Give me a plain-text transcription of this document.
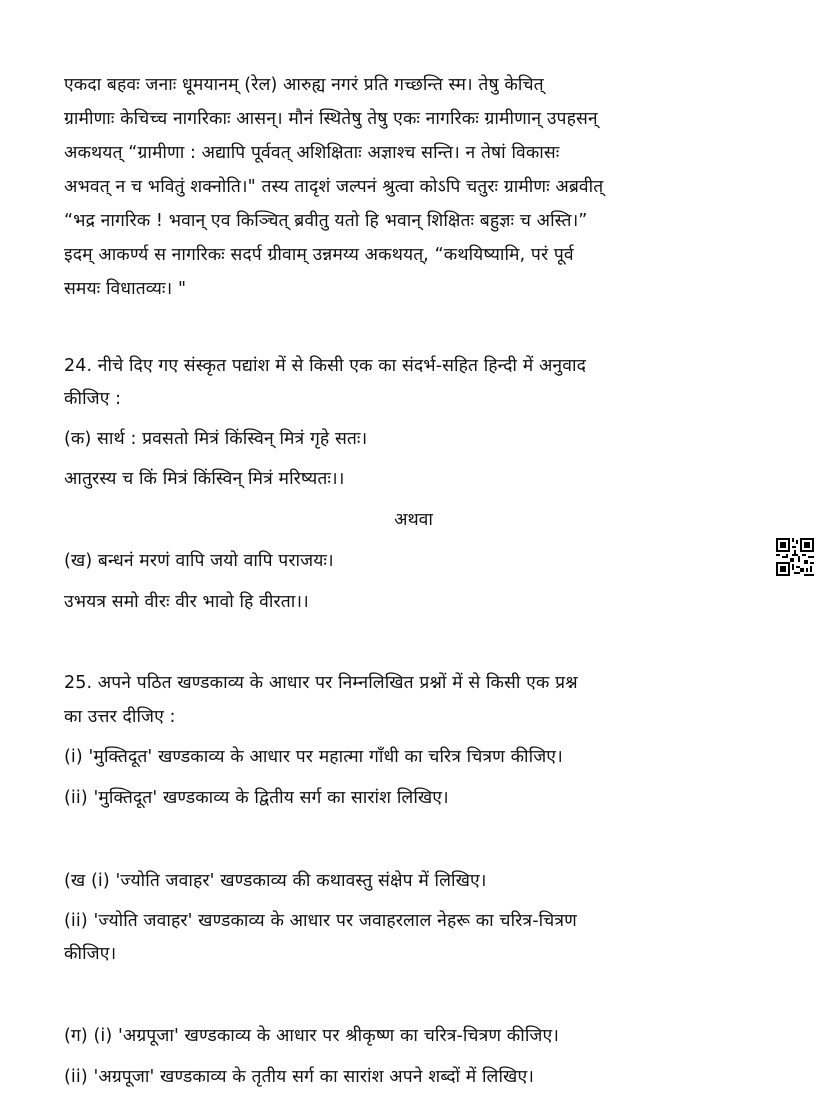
एकदा बहवः जनाः धूमयानम् (रेल) आरुह्य नगरं प्रति गच्छन्ति स्म। तेषु केचित्
ग्रामीणाः केचिच्च नागरिकाः आसन्। मौनं स्थितेषु तेषु एकः नागरिकः ग्रामीणान् उपहसन्
अकथयत् “ग्रामीणा : अद्यापि पूर्ववत् अशिक्षिताः अज्ञाश्च सन्ति। न तेषां विकासः
अभवत् न च भवितुं शक्नोति।" तस्य तादृशं जल्पनं श्रुत्वा कोऽपि चतुरः ग्रामीणः अब्रवीत्
“भद्र नागरिक ! भवान् एव किञ्चित् ब्रवीतु यतो हि भवान् शिक्षितः बहुज्ञः च अस्ति।”
इदम् आकर्ण्य स नागरिकः सदर्प ग्रीवाम् उन्नमय्य अकथयत्, “कथयिष्यामि, परं पूर्व
समयः विधातव्यः। "
24. नीचे दिए गए संस्कृत पद्यांश में से किसी एक का संदर्भ-सहित हिन्दी में अनुवाद
कीजिए :
(क) सार्थ : प्रवसतो मित्रं किंस्विन् मित्रं गृहे सतः।
आतुरस्य च किं मित्रं किंस्विन् मित्रं मरिष्यतः।।
अथवा
(ख) बन्धनं मरणं वापि जयो वापि पराजयः।
उभयत्र समो वीरः वीर भावो हि वीरता।।
25. अपने पठित खण्डकाव्य के आधार पर निम्नलिखित प्रश्नों में से किसी एक प्रश्न
का उत्तर दीजिए :
(i) 'मुक्तिदूत' खण्डकाव्य के आधार पर महात्मा गाँधी का चरित्र चित्रण कीजिए।
(ii) 'मुक्तिदूत' खण्डकाव्य के द्वितीय सर्ग का सारांश लिखिए।
(ख (i) 'ज्योति जवाहर' खण्डकाव्य की कथावस्तु संक्षेप में लिखिए।
(ii) 'ज्योति जवाहर' खण्डकाव्य के आधार पर जवाहरलाल नेहरू का चरित्र-चित्रण
कीजिए।
(ग) (i) 'अग्रपूजा' खण्डकाव्य के आधार पर श्रीकृष्ण का चरित्र-चित्रण कीजिए।
(ii) 'अग्रपूजा' खण्डकाव्य के तृतीय सर्ग का सारांश अपने शब्दों में लिखिए।
